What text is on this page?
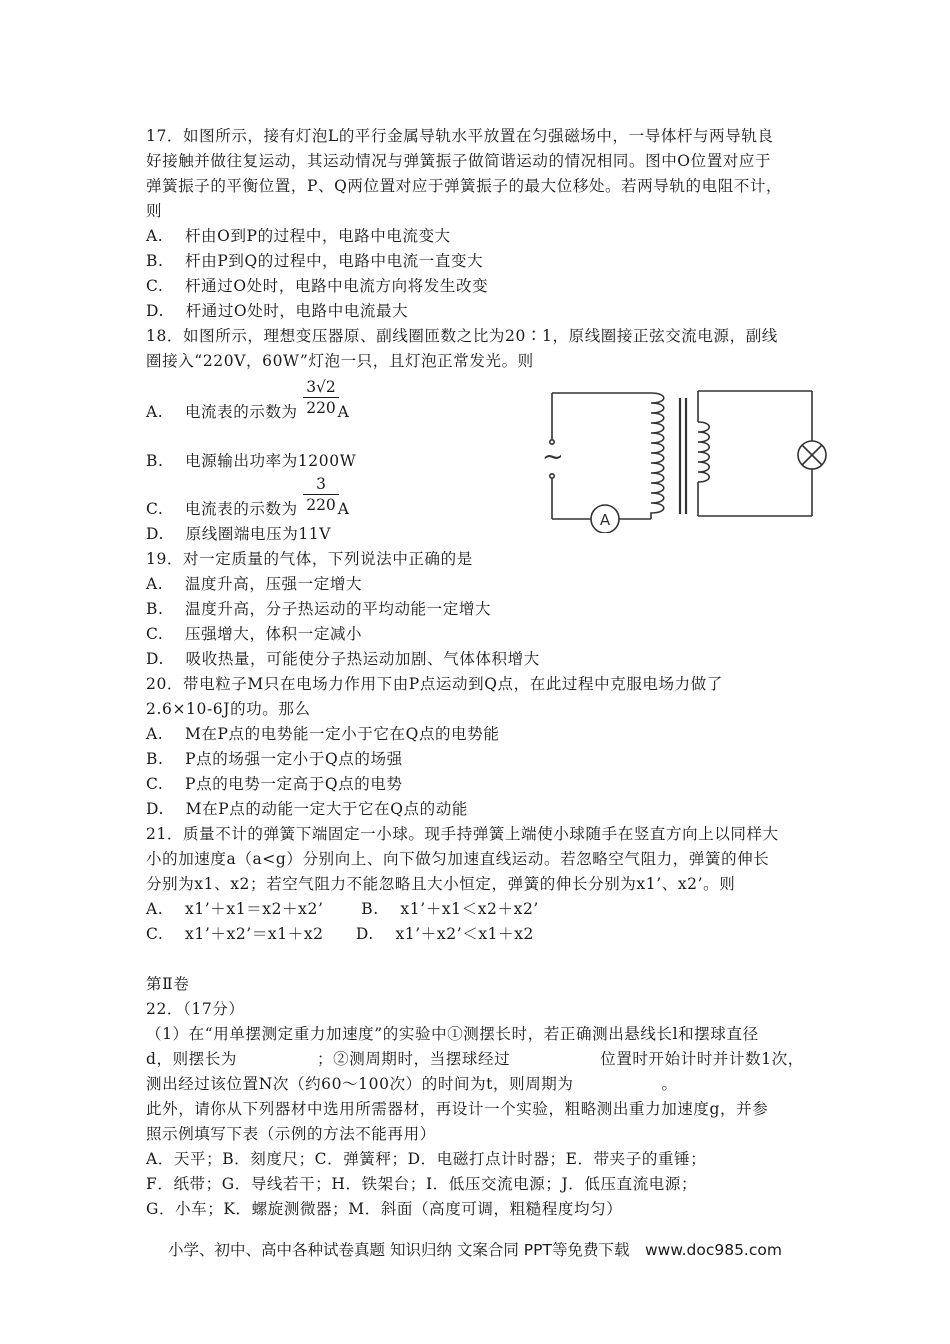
17．如图所示，接有灯泡L的平行金属导轨水平放置在匀强磁场中，一导体杆与两导轨良
好接触并做往复运动，其运动情况与弹簧振子做简谐运动的情况相同。图中O位置对应于
弹簧振子的平衡位置，P、Q两位置对应于弹簧振子的最大位移处。若两导轨的电阻不计，
则
A.　 杆由O到P的过程中，电路中电流变大
B.　 杆由P到Q的过程中，电路中电流一直变大
C.　 杆通过O处时，电路中电流方向将发生改变
D.　 杆通过O处时，电路中电流最大
18．如图所示，理想变压器原、副线圈匝数之比为20∶1，原线圈接正弦交流电源，副线
圈接入“220V，60W”灯泡一只，且灯泡正常发光。则
A.　 电流表的示数为	A
$\frac{3√2}{220}$
B.　 电源输出功率为1200W
C.　 电流表的示数为	A
$\frac{3}{220}$
D.　 原线圈端电压为11V
A
~
19．对一定质量的气体，下列说法中正确的是
A.　 温度升高，压强一定增大
B.　 温度升高，分子热运动的平均动能一定增大
C.　 压强增大，体积一定减小
D.　 吸收热量，可能使分子热运动加剧、气体体积增大
20．带电粒子M只在电场力作用下由P点运动到Q点，在此过程中克服电场力做了
2.6×10-6J的功。那么
A.　 M在P点的电势能一定小于它在Q点的电势能
B.　 P点的场强一定小于Q点的场强
C.　 P点的电势一定高于Q点的电势
D.　 M在P点的动能一定大于它在Q点的动能
21．质量不计的弹簧下端固定一小球。现手持弹簧上端使小球随手在竖直方向上以同样大
小的加速度a（a<g）分别向上、向下做匀加速直线运动。若忽略空气阻力，弹簧的伸长
分别为x1、x2；若空气阻力不能忽略且大小恒定，弹簧的伸长分别为x1’、x2’。则
A.　 x1’＋x1＝x2＋x2’　　 B.　 x1’＋x1＜x2＋x2’
C.　 x1’＋x2’＝x1＋x2　　D.　 x1’＋x2’＜x1＋x2
第Ⅱ卷
22．（17分）
（1）在“用单摆测定重力加速度”的实验中①测摆长时，若正确测出悬线长l和摆球直径
d，则摆长为	；②测周期时，当摆球经过	位置时开始计时并计数1次，
测出经过该位置N次（约60～100次）的时间为t，则周期为	。
此外，请你从下列器材中选用所需器材，再设计一个实验，粗略测出重力加速度g，并参
照示例填写下表（示例的方法不能再用）
A．天平；B．刻度尺；C．弹簧秤；D．电磁打点计时器；E．带夹子的重锤；
F．纸带；G．导线若干；H．铁架台；I．低压交流电源；J．低压直流电源；
G．小车；K．螺旋测微器；M．斜面（高度可调，粗糙程度均匀）
小学、初中、高中各种试卷真题 知识归纳 文案合同 PPT等免费下载　www.doc985.com
